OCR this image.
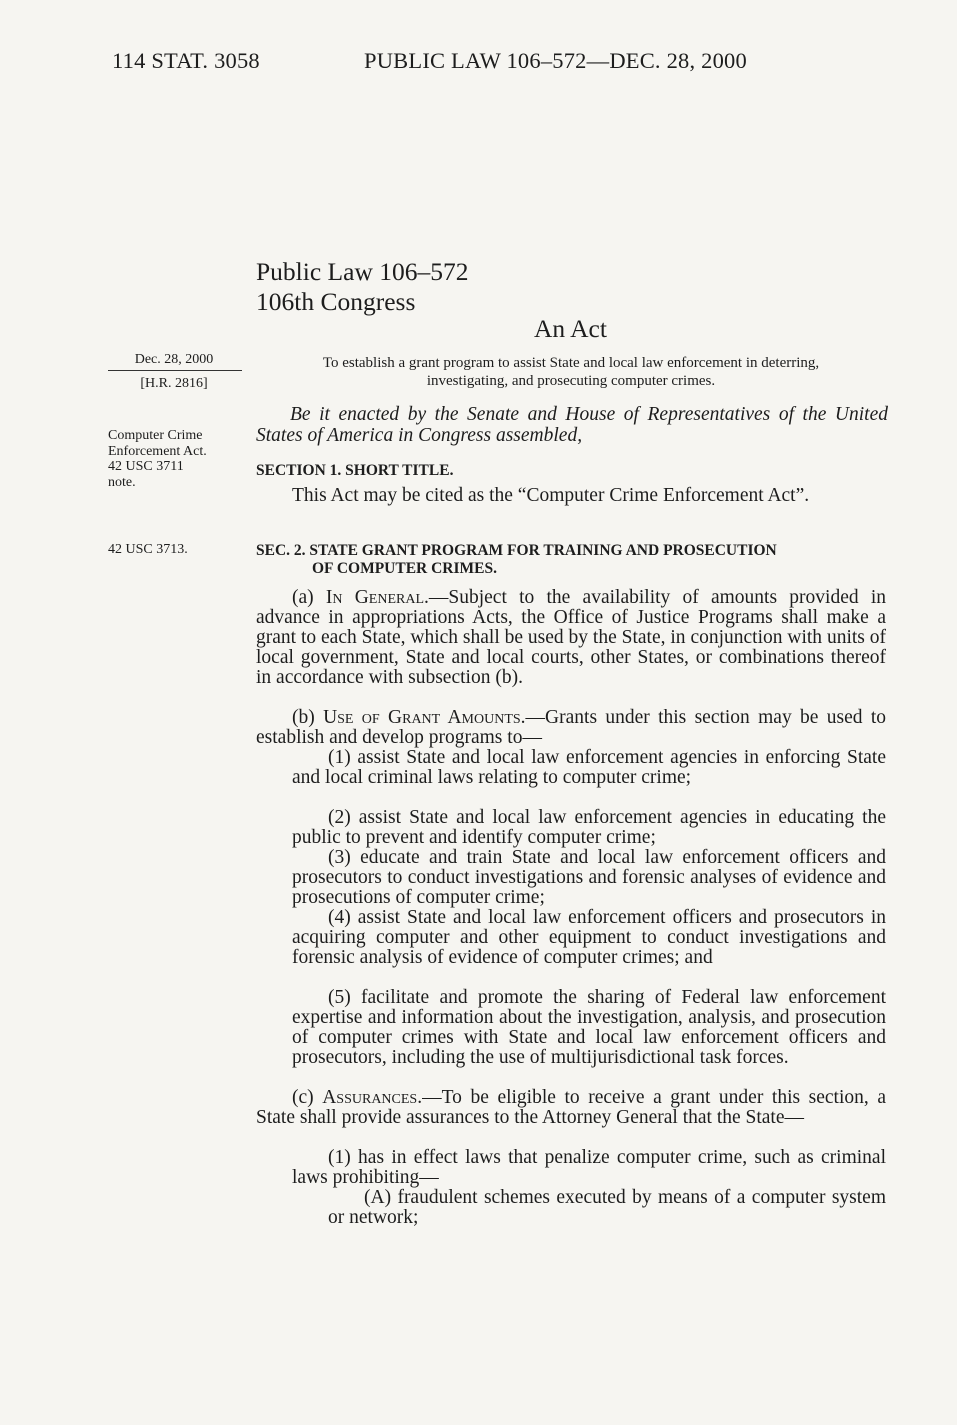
114 STAT. 3058	PUBLIC LAW 106–572—DEC. 28, 2000
Public Law 106–572
106th Congress
An Act
Dec. 28, 2000
[H.R. 2816]
Computer Crime
Enforcement Act.
42 USC 3711
note.
42 USC 3713.
To establish a grant program to assist State and local law enforcement in deterring,
investigating, and prosecuting computer crimes.
Be it enacted by the Senate and House of Representatives of the United States of America in Congress assembled,
SECTION 1. SHORT TITLE.
This Act may be cited as the “Computer Crime Enforcement Act”.
SEC. 2. STATE GRANT PROGRAM FOR TRAINING AND PROSECUTION
OF COMPUTER CRIMES.
(a) In General.—Subject to the availability of amounts provided in advance in appropriations Acts, the Office of Justice Programs shall make a grant to each State, which shall be used by the State, in conjunction with units of local government, State and local courts, other States, or combinations thereof in accordance with subsection (b).
(b) Use of Grant Amounts.—Grants under this section may be used to establish and develop programs to—
(1) assist State and local law enforcement agencies in enforcing State and local criminal laws relating to computer crime;
(2) assist State and local law enforcement agencies in educating the public to prevent and identify computer crime;
(3) educate and train State and local law enforcement officers and prosecutors to conduct investigations and forensic analyses of evidence and prosecutions of computer crime;
(4) assist State and local law enforcement officers and prosecutors in acquiring computer and other equipment to conduct investigations and forensic analysis of evidence of computer crimes; and
(5) facilitate and promote the sharing of Federal law enforcement expertise and information about the investigation, analysis, and prosecution of computer crimes with State and local law enforcement officers and prosecutors, including the use of multijurisdictional task forces.
(c) Assurances.—To be eligible to receive a grant under this section, a State shall provide assurances to the Attorney General that the State—
(1) has in effect laws that penalize computer crime, such as criminal laws prohibiting—
(A) fraudulent schemes executed by means of a computer system or network;
